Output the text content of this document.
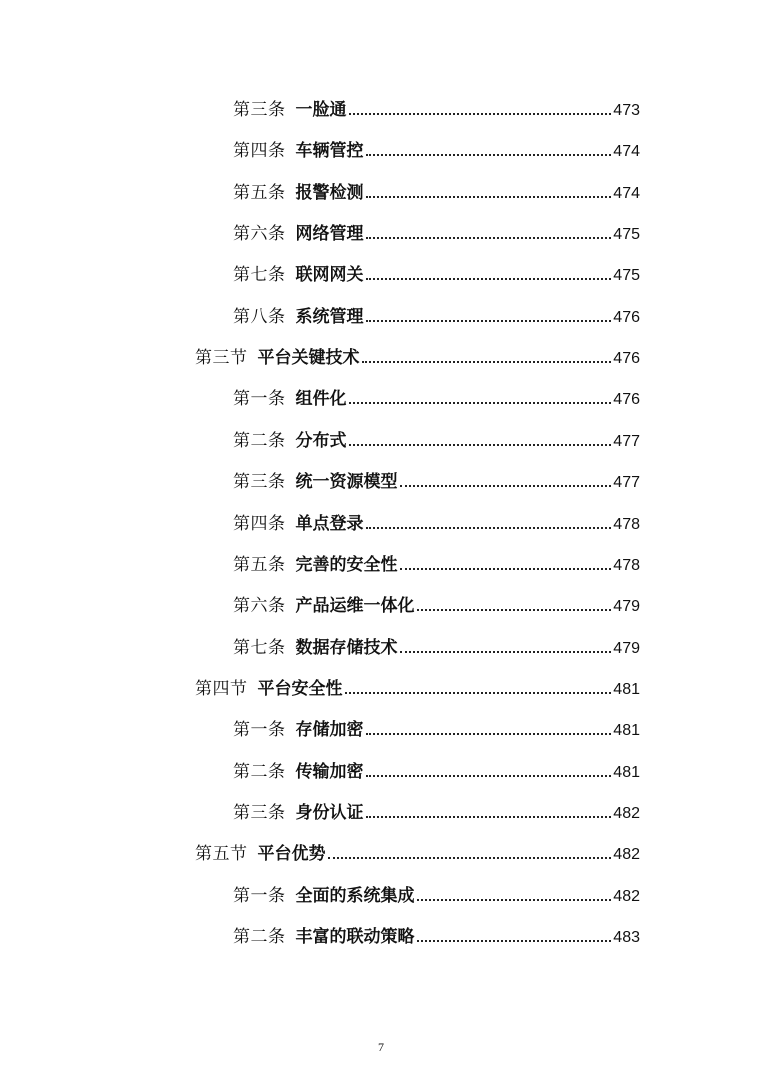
第三条 一脸通	473
第四条 车辆管控	474
第五条 报警检测	474
第六条 网络管理	475
第七条 联网网关	475
第八条 系统管理	476
第三节 平台关键技术	476
第一条 组件化	476
第二条 分布式	477
第三条 统一资源模型	477
第四条 单点登录	478
第五条 完善的安全性	478
第六条 产品运维一体化	479
第七条 数据存储技术	479
第四节 平台安全性	481
第一条 存储加密	481
第二条 传输加密	481
第三条 身份认证	482
第五节 平台优势	482
第一条 全面的系统集成	482
第二条 丰富的联动策略	483
7
